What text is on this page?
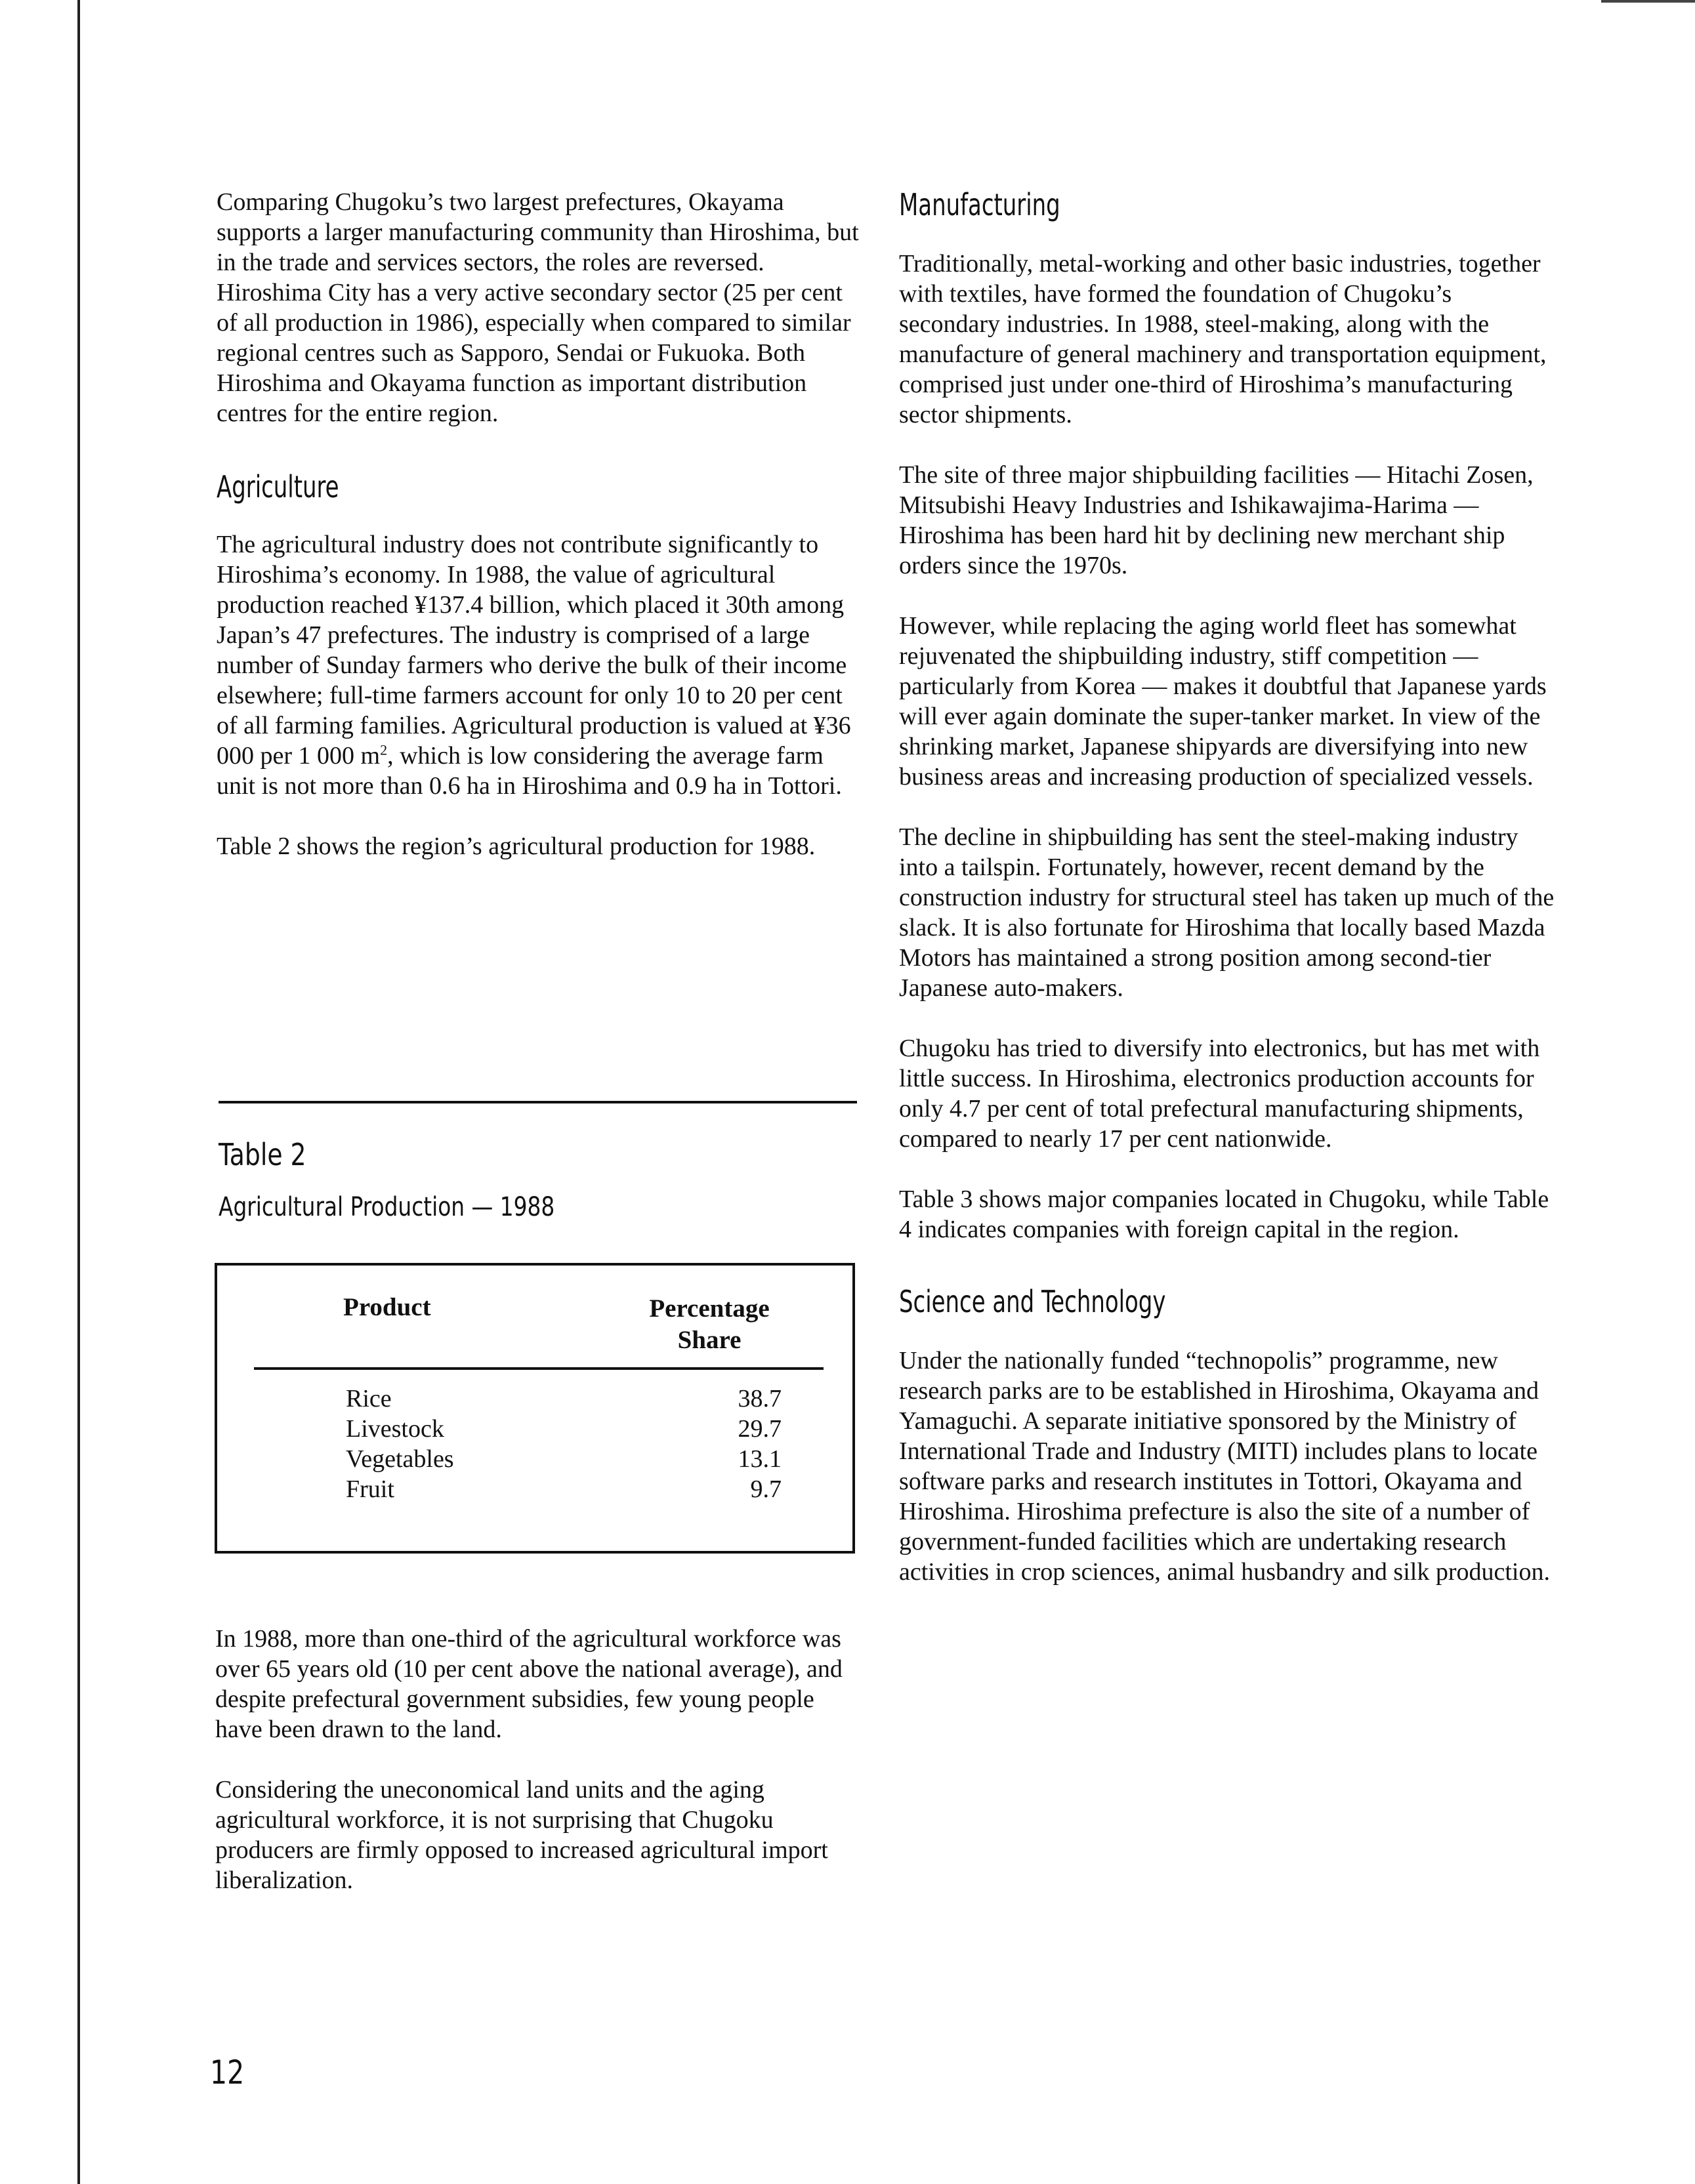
Comparing Chugoku’s two largest prefectures, Okayama supports a larger manufacturing community than Hiroshima, but in the trade and services sectors, the roles are reversed. Hiroshima City has a very active secondary sector (25 per cent of all production in 1986), especially when compared to similar regional centres such as Sapporo, Sendai or Fukuoka. Both Hiroshima and Okayama function as important distribution centres for the entire region.

Agriculture

The agricultural industry does not contribute significantly to Hiroshima’s economy. In 1988, the value of agricultural production reached ¥137.4 billion, which placed it 30th among Japan’s 47 prefectures. The industry is comprised of a large number of Sunday farmers who derive the bulk of their income elsewhere; full-time farmers account for only 10 to 20 per cent of all farming families. Agricultural production is valued at ¥36 000 per 1 000 $m^2$, which is low considering the average farm unit is not more than 0.6 ha in Hiroshima and 0.9 ha in Tottori.

Table 2 shows the region’s agricultural production for 1988.

Table 2
Agricultural Production — 1988
Product	Percentage
Share
Rice	38.7
Livestock	29.7
Vegetables	13.1
Fruit	9.7

In 1988, more than one-third of the agricultural workforce was over 65 years old (10 per cent above the national average), and despite prefectural government subsidies, few young people have been drawn to the land.

Considering the uneconomical land units and the aging agricultural workforce, it is not surprising that Chugoku producers are firmly opposed to increased agricultural import liberalization.

Manufacturing

Traditionally, metal-working and other basic industries, together with textiles, have formed the foundation of Chugoku’s secondary industries. In 1988, steel-making, along with the manufacture of general machinery and transportation equipment, comprised just under one-third of Hiroshima’s manufacturing sector shipments.

The site of three major shipbuilding facilities — Hitachi Zosen, Mitsubishi Heavy Industries and Ishikawajima-Harima — Hiroshima has been hard hit by declining new merchant ship orders since the 1970s.

However, while replacing the aging world fleet has somewhat rejuvenated the shipbuilding industry, stiff competition — particularly from Korea — makes it doubtful that Japanese yards will ever again dominate the super-tanker market. In view of the shrinking market, Japanese shipyards are diversifying into new business areas and increasing production of specialized vessels.

The decline in shipbuilding has sent the steel-making industry into a tailspin. Fortunately, however, recent demand by the construction industry for structural steel has taken up much of the slack. It is also fortunate for Hiroshima that locally based Mazda Motors has maintained a strong position among second-tier Japanese auto-makers.

Chugoku has tried to diversify into electronics, but has met with little success. In Hiroshima, electronics production accounts for only 4.7 per cent of total prefectural manufacturing shipments, compared to nearly 17 per cent nationwide.

Table 3 shows major companies located in Chugoku, while Table 4 indicates companies with foreign capital in the region.

Science and Technology

Under the nationally funded “technopolis” programme, new research parks are to be established in Hiroshima, Okayama and Yamaguchi. A separate initiative sponsored by the Ministry of International Trade and Industry (MITI) includes plans to locate software parks and research institutes in Tottori, Okayama and Hiroshima. Hiroshima prefecture is also the site of a number of government-funded facilities which are undertaking research activities in crop sciences, animal husbandry and silk production.

12
